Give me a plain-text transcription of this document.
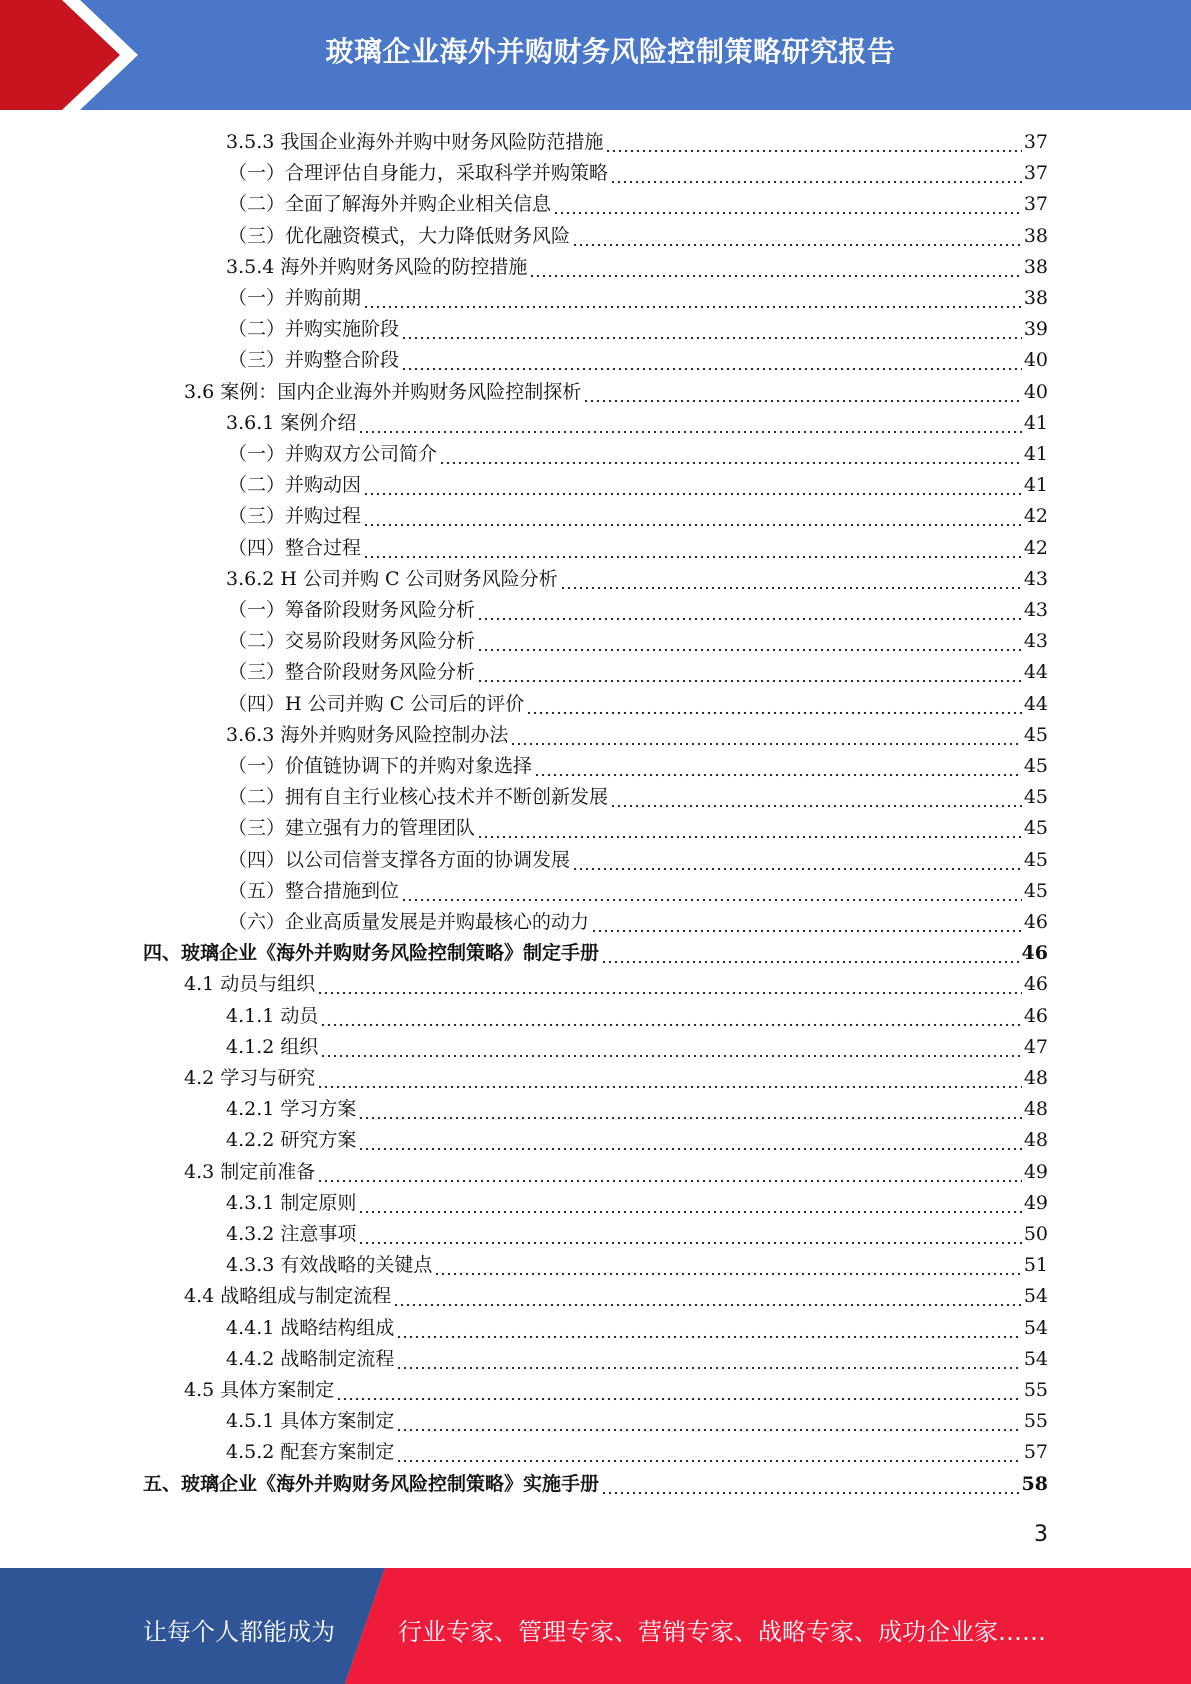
玻璃企业海外并购财务风险控制策略研究报告
3.5.3 我国企业海外并购中财务风险防范措施	37
（一）合理评估自身能力，采取科学并购策略	37
（二）全面了解海外并购企业相关信息	37
（三）优化融资模式，大力降低财务风险	38
3.5.4 海外并购财务风险的防控措施	38
（一）并购前期	38
（二）并购实施阶段	39
（三）并购整合阶段	40
3.6 案例：国内企业海外并购财务风险控制探析	40
3.6.1 案例介绍	41
（一）并购双方公司简介	41
（二）并购动因	41
（三）并购过程	42
（四）整合过程	42
3.6.2 H 公司并购 C 公司财务风险分析	43
（一）筹备阶段财务风险分析	43
（二）交易阶段财务风险分析	43
（三）整合阶段财务风险分析	44
（四）H 公司并购 C 公司后的评价	44
3.6.3 海外并购财务风险控制办法	45
（一）价值链协调下的并购对象选择	45
（二）拥有自主行业核心技术并不断创新发展	45
（三）建立强有力的管理团队	45
（四）以公司信誉支撑各方面的协调发展	45
（五）整合措施到位	45
（六）企业高质量发展是并购最核心的动力	46
四、玻璃企业《海外并购财务风险控制策略》制定手册	46
4.1 动员与组织	46
4.1.1 动员	46
4.1.2 组织	47
4.2 学习与研究	48
4.2.1 学习方案	48
4.2.2 研究方案	48
4.3 制定前准备	49
4.3.1 制定原则	49
4.3.2 注意事项	50
4.3.3 有效战略的关键点	51
4.4 战略组成与制定流程	54
4.4.1 战略结构组成	54
4.4.2 战略制定流程	54
4.5 具体方案制定	55
4.5.1 具体方案制定	55
4.5.2 配套方案制定	57
五、玻璃企业《海外并购财务风险控制策略》实施手册	58
3
让每个人都能成为	行业专家、管理专家、营销专家、战略专家、成功企业家……
